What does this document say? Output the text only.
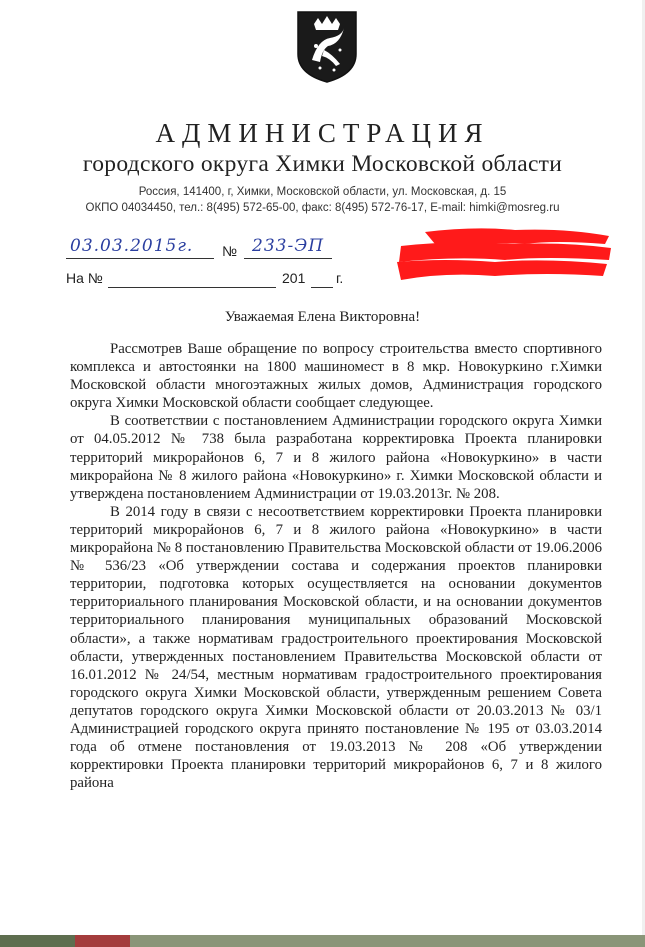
АДМИНИСТРАЦИЯ
городского округа Химки Московской области
Россия, 141400, г, Химки, Московской области, ул. Московская, д. 15
ОКПО 04034450, тел.: 8(495) 572-65-00, факс: 8(495) 572-76-17, E-mail: himki@mosreg.ru
03.03.2015г. № 233-ЭП
На №	201 г.
Уважаемая Елена Викторовна!

Рассмотрев Ваше обращение по вопросу строительства вместо спортивного комплекса и автостоянки на 1800 машиномест в 8 мкр. Новокуркино г.Химки Московской области многоэтажных жилых домов, Администрация городского округа Химки Московской области сообщает следующее.

В соответствии с постановлением Администрации городского округа Химки от 04.05.2012 № 738 была разработана корректировка Проекта планировки территорий микрорайонов 6, 7 и 8 жилого района «Новокуркино» в части микрорайона № 8 жилого района «Новокуркино» г. Химки Московской области и утверждена постановлением Администрации от 19.03.2013г. № 208.

В 2014 году в связи с несоответствием корректировки Проекта планировки территорий микрорайонов 6, 7 и 8 жилого района «Новокуркино» в части микрорайона № 8 постановлению Правительства Московской области от 19.06.2006 № 536/23 «Об утверждении состава и содержания проектов планировки территории, подготовка которых осуществляется на основании документов территориального планирования Московской области, и на основании документов территориального планирования муниципальных образований Московской области», а также нормативам градостроительного проектирования Московской области, утвержденных постановлением Правительства Московской области от 16.01.2012 № 24/54, местным нормативам градостроительного проектирования городского округа Химки Московской области, утвержденным решением Совета депутатов городского округа Химки Московской области от 20.03.2013 № 03/1 Администрацией городского округа принято постановление № 195 от 03.03.2014 года об отмене постановления от 19.03.2013 № 208 «Об утверждении корректировки Проекта планировки территорий микрорайонов 6, 7 и 8 жилого района
